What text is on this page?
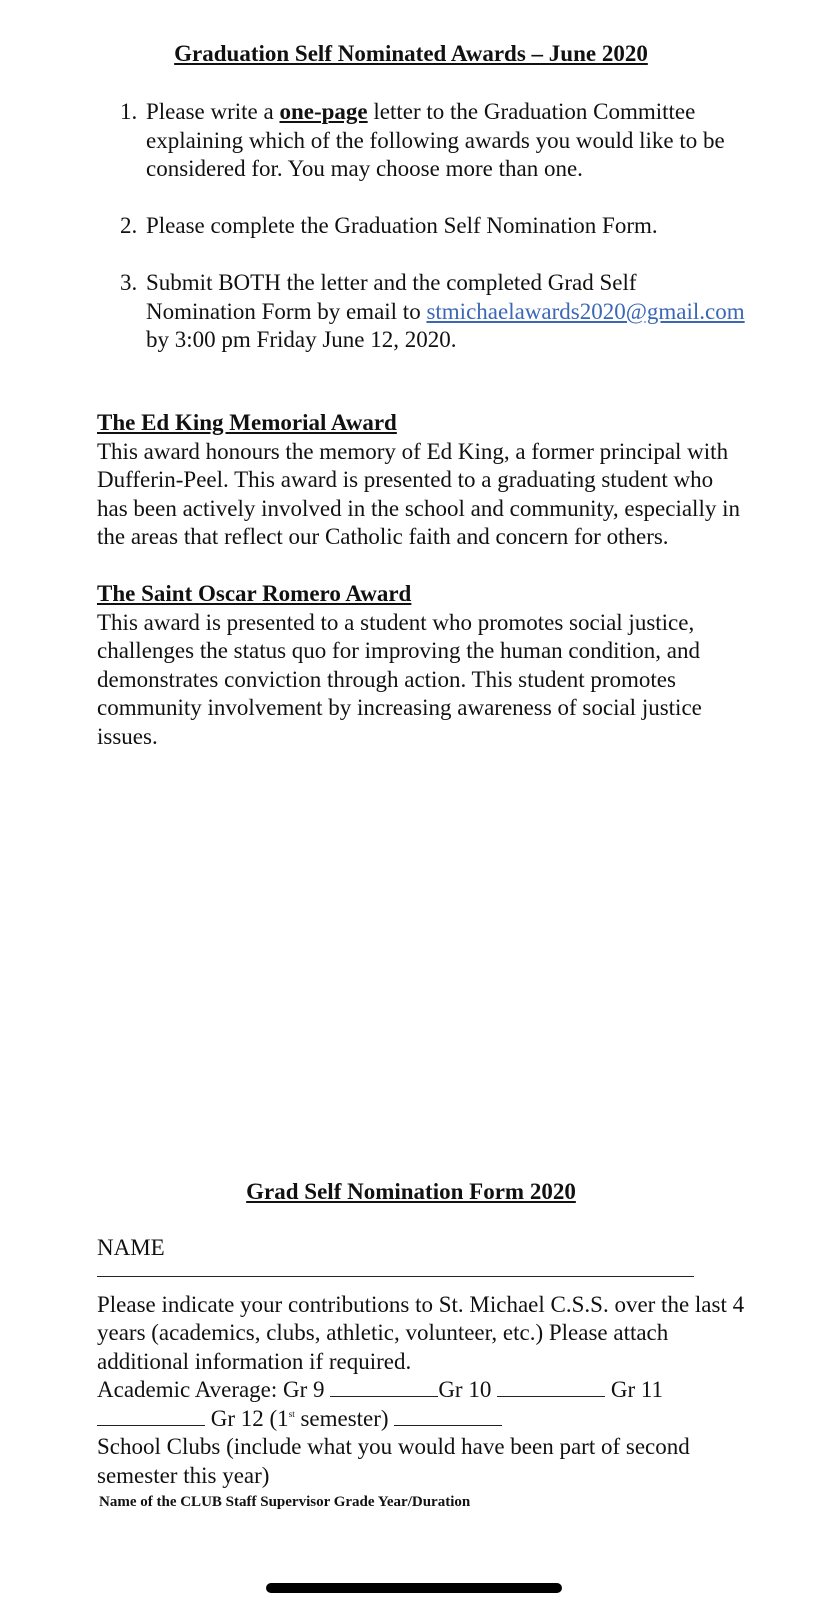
Graduation Self Nominated Awards – June 2020
1 . Please write a one-page letter to the Graduation Committee explaining which of the following awards you would like to be considered for. You may choose more than one.
2 . Please complete the Graduation Self Nomination Form.
3 . Submit BOTH the letter and the completed Grad Self Nomination Form by email to stmichaelawards2020@gmail.com by 3:00 pm Friday June 12, 2020.
The Ed King Memorial Award
This award honours the memory of Ed King, a former principal with Dufferin-Peel. This award is presented to a graduating student who has been actively involved in the school and community, especially in the areas that reflect our Catholic faith and concern for others.
The Saint Oscar Romero Award
This award is presented to a student who promotes social justice, challenges the status quo for improving the human condition, and demonstrates conviction through action. This student promotes community involvement by increasing awareness of social justice issues.
Grad Self Nomination Form 2020
NAME
Please indicate your contributions to St. Michael C.S.S. over the last 4 years (academics, clubs, athletic, volunteer, etc.) Please attach additional information if required.
Academic Average: Gr 9	Gr 10	Gr 11  Gr 12 (1st semester)
School Clubs (include what you would have been part of second semester this year)
Name of the CLUB Staff Supervisor Grade Year/Duration
